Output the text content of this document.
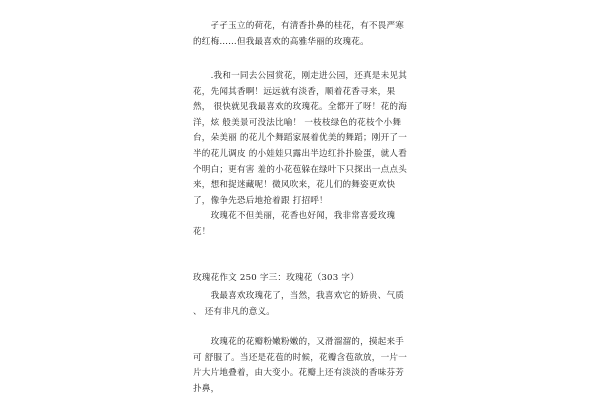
　　孑孑玉立的荷花，有清香扑鼻的桂花，有不畏严寒的红梅……但我最喜欢的高雅华丽的玫瑰花。

　　.我和一同去公园赏花，刚走进公园，还真是未见其 花，先闻其香啊！远远就有淡香，顺着花香寻来，果然， 很快就见我最喜欢的玫瑰花。全都开了呀！花的海洋，炫 般美景可没法比喻！ 一枝枝绿色的花枝个小舞台，朵美丽 的花儿个舞蹈家展着优美的舞蹈；刚开了一半的花儿调皮 的小娃娃只露出半边红扑扑脸蛋，就人看个明白；更有害 羞的小花苞躲在绿叶下只探出一点点头来，想和捉迷藏呢！微风吹来，花儿们的舞姿更欢快了，像争先恐后地抢着跟 打招呼！

　　玫瑰花不但美丽，花香也好闻，我非常喜爱玫瑰花！

玫瑰花作文 250 字三：玫瑰花（303 字）

　　我最喜欢玫瑰花了，当然，我喜欢它的娇贵、气质 、 还有非凡的意义。

　　玫瑰花的花瓣粉嫩粉嫩的，又滑溜溜的，摸起来手可 舒服了。当还是花苞的时候，花瓣含苞欲放，一片一片大片地叠着，由大变小。花瓣上还有淡淡的香味芬芳扑鼻，
